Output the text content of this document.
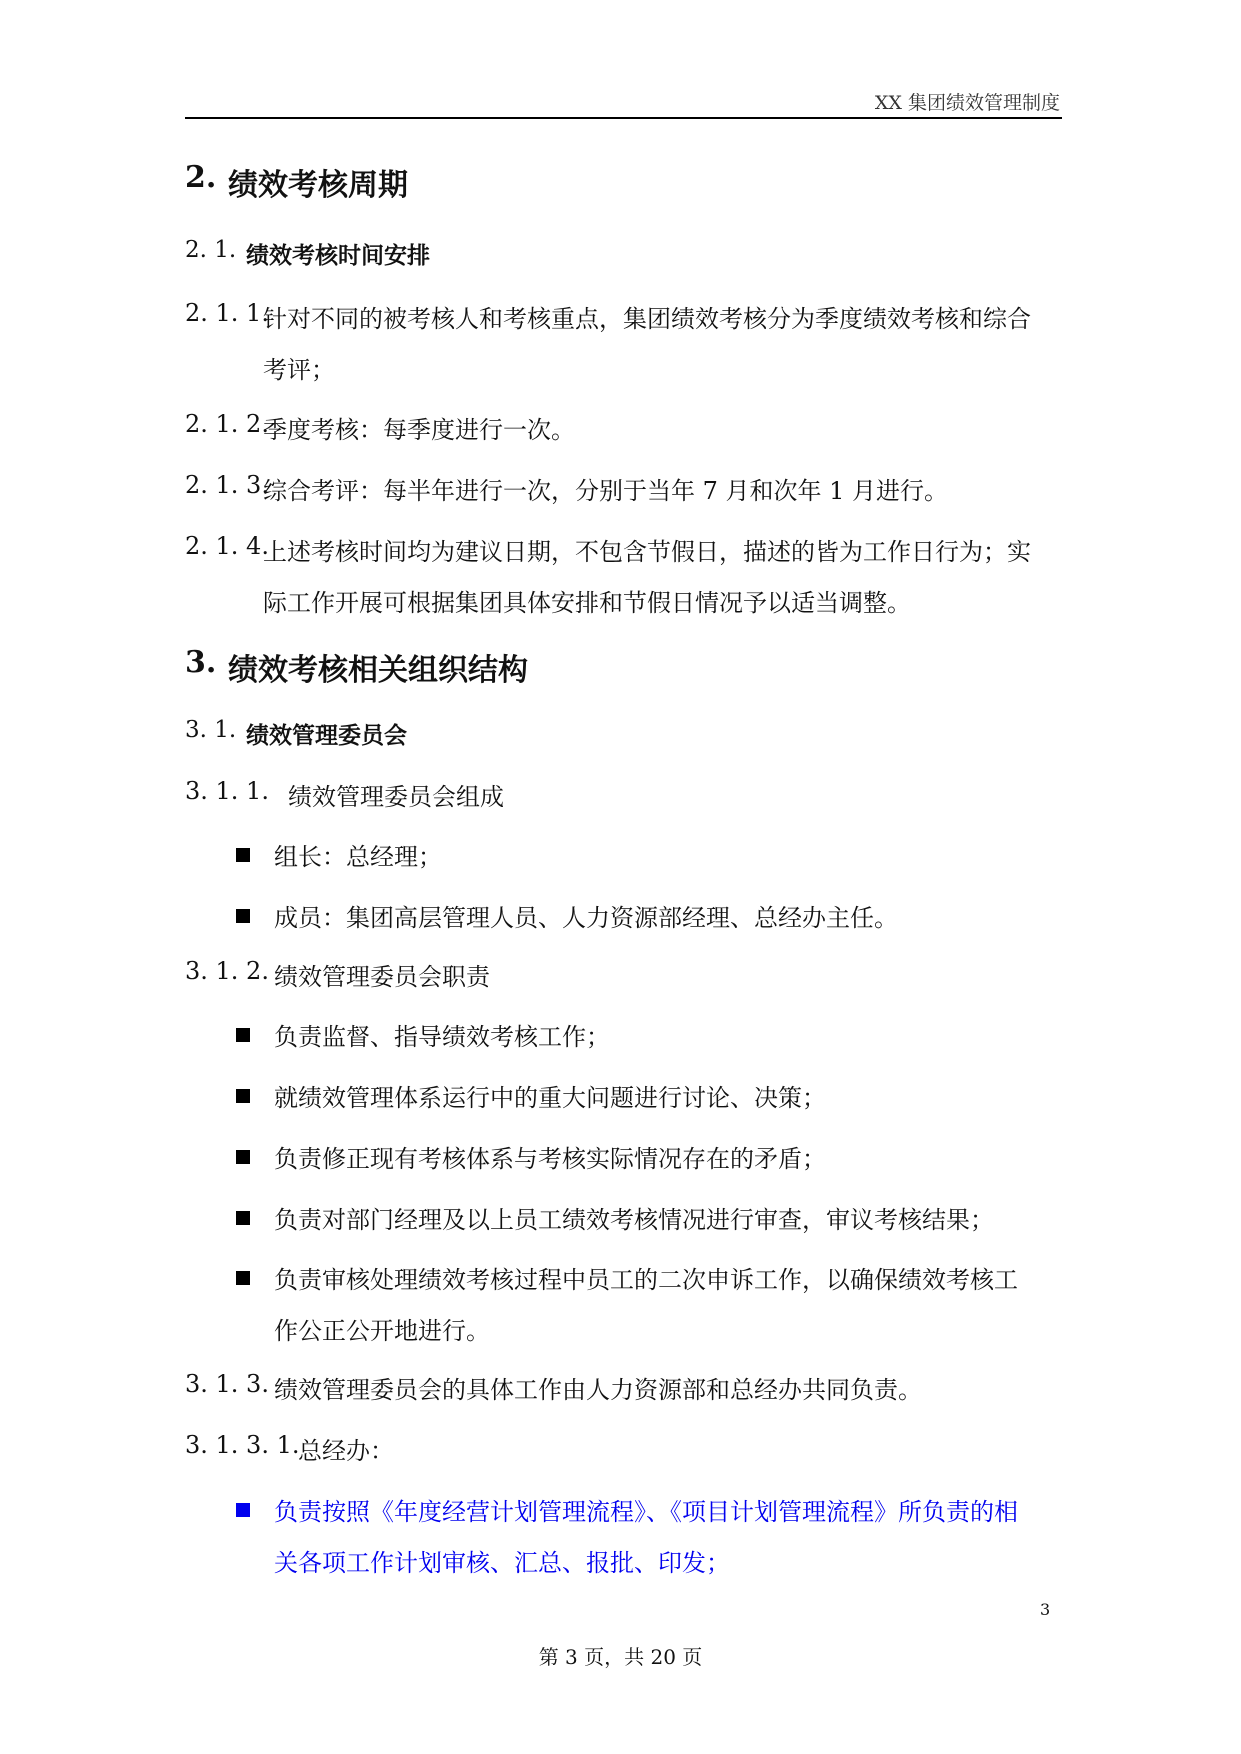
XX 集团绩效管理制度
2. 绩效考核周期
2. 1. 绩效考核时间安排
2. 1. 1.
针对不同的被考核人和考核重点，集团绩效考核分为季度绩效考核和综合
考评；
2. 1. 2.
季度考核：每季度进行一次。
2. 1. 3.
综合考评：每半年进行一次，分别于当年 7 月和次年 1 月进行。
2. 1. 4.
上述考核时间均为建议日期，不包含节假日，描述的皆为工作日行为；实
际工作开展可根据集团具体安排和节假日情况予以适当调整。
3. 绩效考核相关组织结构
3. 1. 绩效管理委员会
3. 1. 1. 绩效管理委员会组成
组长：总经理；
成员：集团高层管理人员、人力资源部经理、总经办主任。
3. 1. 2. 绩效管理委员会职责
负责监督、指导绩效考核工作；
就绩效管理体系运行中的重大问题进行讨论、决策；
负责修正现有考核体系与考核实际情况存在的矛盾；
负责对部门经理及以上员工绩效考核情况进行审查，审议考核结果；
负责审核处理绩效考核过程中员工的二次申诉工作，以确保绩效考核工
作公正公开地进行。
3. 1. 3. 绩效管理委员会的具体工作由人力资源部和总经办共同负责。
3. 1. 3. 1.
总经办：
负责按照《年度经营计划管理流程》、《项目计划管理流程》所负责的相
关各项工作计划审核、汇总、报批、印发；
3
第 3 页，共 20 页
